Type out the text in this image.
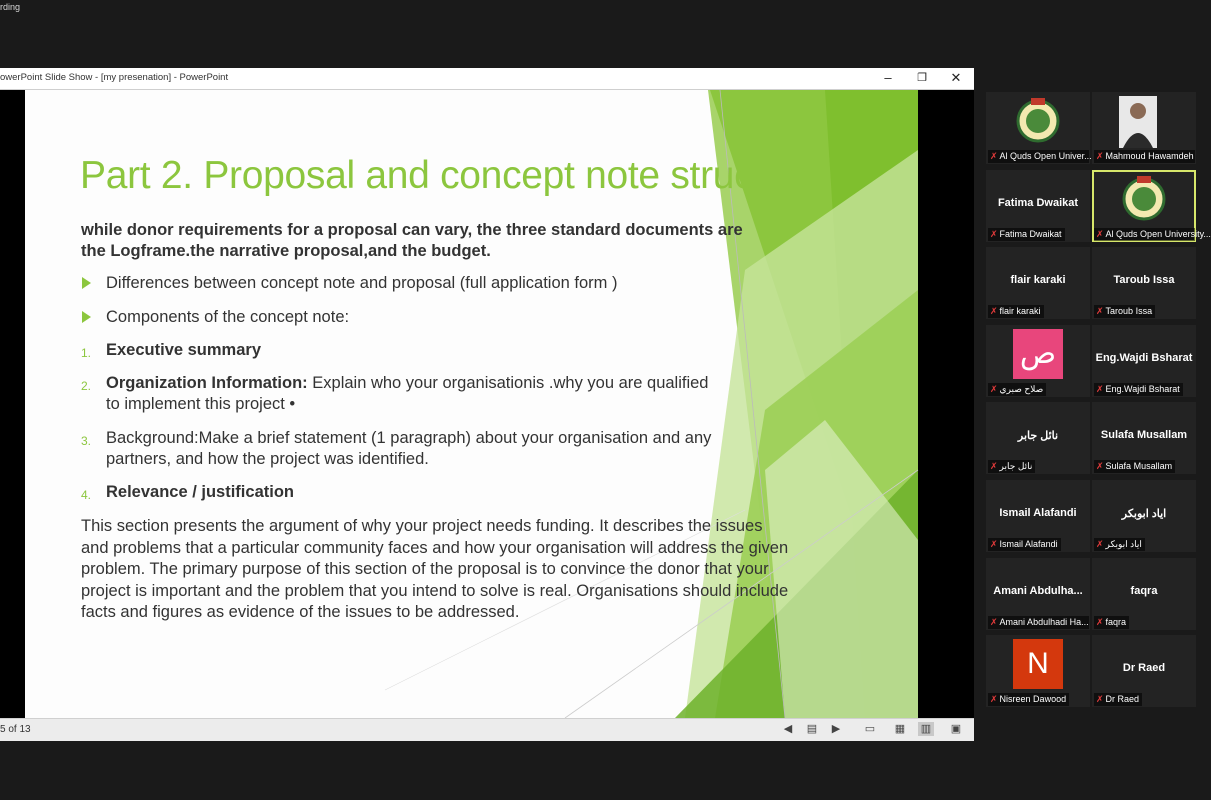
rding
owerPoint Slide Show - [my presenation] - PowerPoint	–	❐	✕
Part 2. Proposal and concept note structure
while donor requirements for a proposal can vary, the three standard documents are the Logframe.the narrative proposal,and the budget.
Differences between concept note and proposal (full application form )
Components of the concept note:
1. Executive summary
2. Organization Information: Explain who your organisationis .why you are qualified to implement this project •
3. Background:Make a brief statement (1 paragraph) about your organisation and any partners, and how the project was identified.
4. Relevance / justification
This section presents the argument of why your project needs funding. It describes the issues and problems that a particular community faces and how your organisation will address the given problem. The primary purpose of this section of the proposal is to convince the donor that your project is important and the problem that you intend to solve is real. Organisations should include facts and figures as evidence of the issues to be addressed.
5 of 13	◀	▤	▶	▭ ▦ ▥ ▣
✗ Al Quds Open Univer... ✗ Mahmoud Hawamdeh
Fatima Dwaikat
✗ Fatima Dwaikat	✗ Al Quds Open University...
flair karaki
✗ flair karaki
Taroub Issa
✗ Taroub Issa
ص
✗ صلاح صبري
Eng.Wajdi Bsharat
✗ Eng.Wajdi Bsharat
نائل جابر
✗ نائل جابر
Sulafa Musallam
✗ Sulafa Musallam
Ismail Alafandi
✗ Ismail Alafandi
اياد ابوبكر
✗ اياد ابوبكر
Amani Abdulha...
✗ Amani Abdulhadi Ha...
faqra
✗ faqra
N
✗ Nisreen Dawood
Dr Raed
✗ Dr Raed
